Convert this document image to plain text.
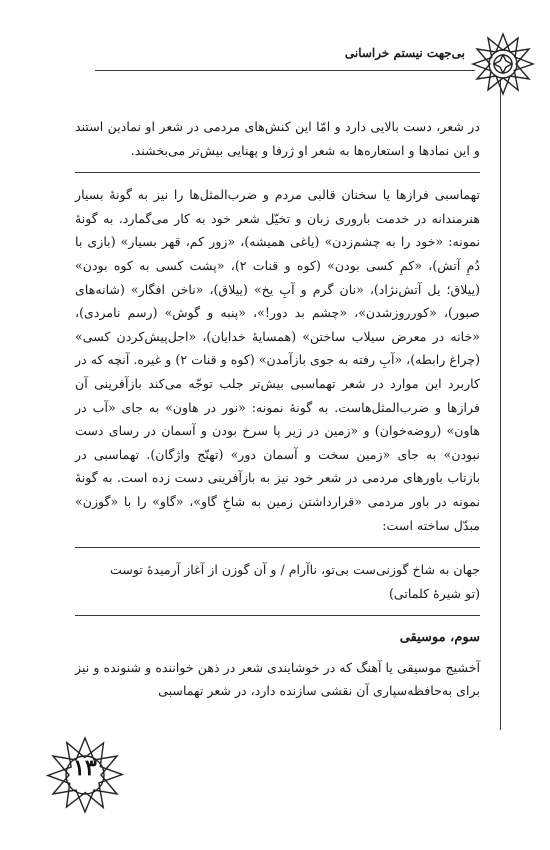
بی‌جهت نیستم خراسانی

در شعر، دست بالایی دارد و امّا این کنش‌های مردمی در شعر او نمادین استند و این نمادها و استعاره‌ها به شعر او ژرفا و پهنایی بیش‌تر می‌بخشند.

تهماسبی فرازها یا سخنان قالبی مردم و ضرب‌المثل‌ها را نیز به گونهٔ بسیار هنرمندانه در خدمت باروری زبان و تخیّل شعر خود به کار می‌گمارد. به گونهٔ نمونه: «خود را به چشم‌زدن» (یاغی همیشه)، «زور کم، قهر بسیار» (بازی با دُمِ آتش)، «کمِ کسی بودن» (کوه و قنات ۲)، «پشت کسی به کوه بودن» (ییلاق؛ یل آتش‌نژاد)، «نان گرم و آبِ یخ» (ییلاق)، «ناخن افگار» (شانه‌های صبور)، «کورروزشدن»، «چشم بد دور!»، «پنبه و گوش» (رسم نامردی)، «خانه در معرض سیلاب ساختن» (همسایهٔ خدایان)، «اجل‌پیش‌کردن کسی» (چراغ رابطه)، «آبِ رفته به جوی بازآمدن» (کوه و قنات ۲) و غیره. آنچه که در کاربرد این موارد در شعر تهماسبی بیش‌تر جلب توجّه می‌کند بازآفرینی آن فرازها و ضرب‌المثل‌هاست. به گونهٔ نمونه: «نور در هاون» به جای «آب در هاون» (روضه‌خوان) و «زمین در زیر پا سرخ بودن و آسمان در رسای دست نبودن» به جای «زمین سخت و آسمان دور» (تهنّج واژگان). تهماسبی در بازتاب باورهای مردمی در شعر خود نیز به بازآفرینی دست زده است. به گونهٔ نمونه در باور مردمی «قرارداشتن زمین به شاخِ گاو»، «گاو» را با «گوزن» مبدّل ساخته است:

جهان به شاخ گوزنی‌ست بی‌تو، ناآرام / و آن گوزن از آغاز آرمیدهٔ توست

(تو شیرهٔ کلماتی)

سوم، موسیقی

آخشیج موسیقی یا آهنگ که در خوشایندی شعر در ذهن خواننده و شنونده و نیز برای به‌حافظه‌سپاری آن نقشی سازنده دارد، در شعر تهماسبی

۱۳
